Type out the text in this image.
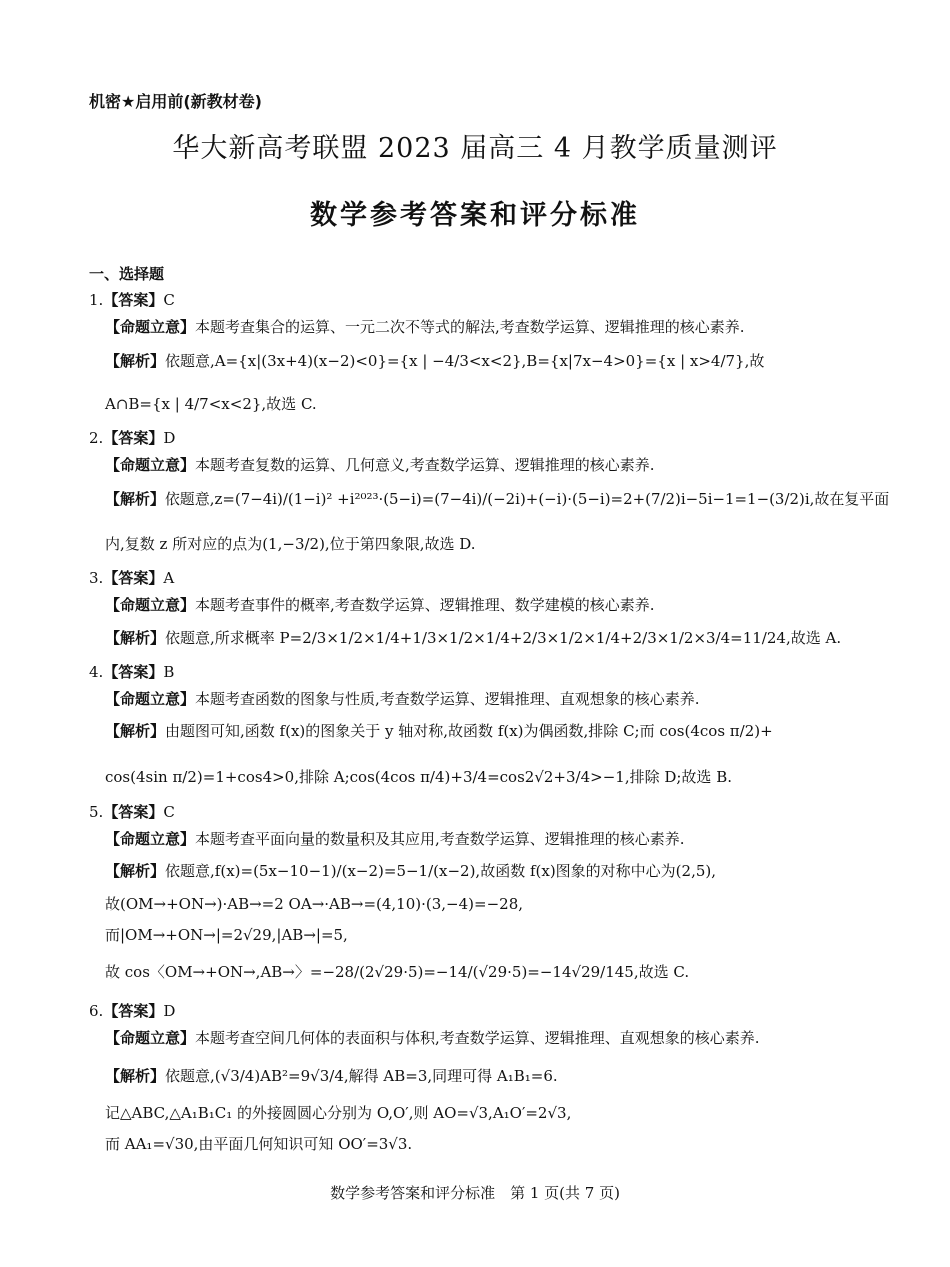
机密★启用前(新教材卷)
华大新高考联盟 2023 届高三 4 月教学质量测评
数学参考答案和评分标准
一、选择题
1.【答案】C
【命题立意】本题考查集合的运算、一元二次不等式的解法,考查数学运算、逻辑推理的核心素养.
【解析】依题意,A={x|(3x+4)(x−2)<0}={x | −4/3<x<2},B={x|7x−4>0}={x | x>4/7},故
A∩B={x | 4/7<x<2},故选 C.
2.【答案】D
【命题立意】本题考查复数的运算、几何意义,考查数学运算、逻辑推理的核心素养.
【解析】依题意,z=(7−4i)/(1−i)² +i²⁰²³·(5−i)=(7−4i)/(−2i)+(−i)·(5−i)=2+(7/2)i−5i−1=1−(3/2)i,故在复平面
内,复数 z 所对应的点为(1,−3/2),位于第四象限,故选 D.
3.【答案】A
【命题立意】本题考查事件的概率,考查数学运算、逻辑推理、数学建模的核心素养.
【解析】依题意,所求概率 P=2/3×1/2×1/4+1/3×1/2×1/4+2/3×1/2×1/4+2/3×1/2×3/4=11/24,故选 A.
4.【答案】B
【命题立意】本题考查函数的图象与性质,考查数学运算、逻辑推理、直观想象的核心素养.
【解析】由题图可知,函数 f(x)的图象关于 y 轴对称,故函数 f(x)为偶函数,排除 C;而 cos(4cos π/2)+
cos(4sin π/2)=1+cos4>0,排除 A;cos(4cos π/4)+3/4=cos2√2+3/4>−1,排除 D;故选 B.
5.【答案】C
【命题立意】本题考查平面向量的数量积及其应用,考查数学运算、逻辑推理的核心素养.
【解析】依题意,f(x)=(5x−10−1)/(x−2)=5−1/(x−2),故函数 f(x)图象的对称中心为(2,5),
故(OM→+ON→)·AB→=2 OA→·AB→=(4,10)·(3,−4)=−28,
而|OM→+ON→|=2√29,|AB→|=5,
故 cos〈OM→+ON→,AB→〉=−28/(2√29·5)=−14/(√29·5)=−14√29/145,故选 C.
6.【答案】D
【命题立意】本题考查空间几何体的表面积与体积,考查数学运算、逻辑推理、直观想象的核心素养.
【解析】依题意,(√3/4)AB²=9√3/4,解得 AB=3,同理可得 A₁B₁=6.
记△ABC,△A₁B₁C₁ 的外接圆圆心分别为 O,O′,则 AO=√3,A₁O′=2√3,
而 AA₁=√30,由平面几何知识可知 OO′=3√3.
数学参考答案和评分标准　第 1 页(共 7 页)
